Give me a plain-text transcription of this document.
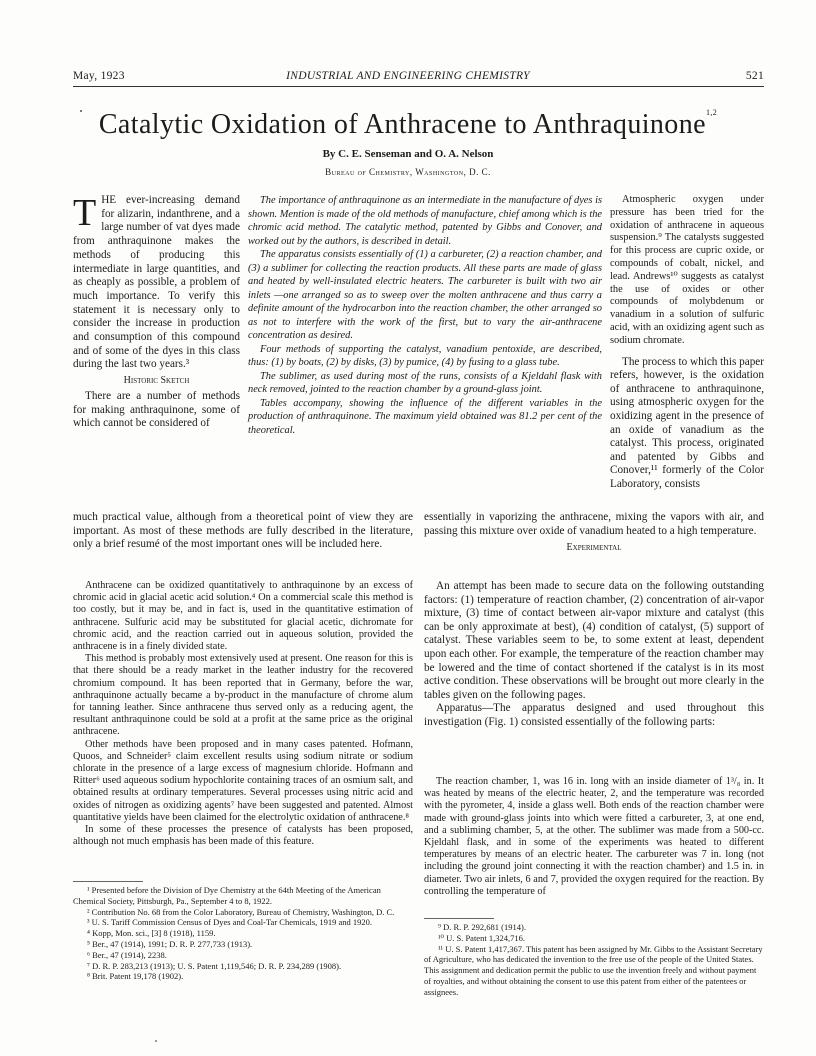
May, 1923	INDUSTRIAL AND ENGINEERING CHEMISTRY	521
Catalytic Oxidation of Anthracene to Anthraquinone$^{1,2}$
By C. E. Senseman and O. A. Nelson
Bureau of Chemistry, Washington, D. C.

THE ever-increasing demand for alizarin, indanthrene, and a large number of vat dyes made from anthraquinone makes the methods of producing this intermediate in large quantities, and as cheaply as possible, a problem of much importance. To verify this statement it is necessary only to consider the increase in production and consumption of this compound and of some of the dyes in this class during the last two years.³

Historic Sketch

There are a number of methods for making anthraquinone, some of which cannot be considered of

The importance of anthraquinone as an intermediate in the manufacture of dyes is shown. Mention is made of the old methods of manufacture, chief among which is the chromic acid method. The catalytic method, patented by Gibbs and Conover, and worked out by the authors, is described in detail.

The apparatus consists essentially of (1) a carbureter, (2) a reaction chamber, and (3) a sublimer for collecting the reaction products. All these parts are made of glass and heated by well-insulated electric heaters. The carbureter is built with two air inlets —one arranged so as to sweep over the molten anthracene and thus carry a definite amount of the hydrocarbon into the reaction chamber, the other arranged so as not to interfere with the work of the first, but to vary the air-anthracene concentration as desired.

Four methods of supporting the catalyst, vanadium pentoxide, are described, thus: (1) by boats, (2) by disks, (3) by pumice, (4) by fusing to a glass tube.

The sublimer, as used during most of the runs, consists of a Kjeldahl flask with neck removed, jointed to the reaction chamber by a ground-glass joint.

Tables accompany, showing the influence of the different variables in the production of anthraquinone. The maximum yield obtained was 81.2 per cent of the theoretical.

Atmospheric oxygen under pressure has been tried for the oxidation of anthracene in aqueous suspension.⁹ The catalysts suggested for this process are cupric oxide, or compounds of cobalt, nickel, and lead. Andrews¹⁰ suggests as catalyst the use of oxides or other compounds of molybdenum or vanadium in a solution of sulfuric acid, with an oxidizing agent such as sodium chromate.

The process to which this paper refers, however, is the oxidation of anthracene to anthraquinone, using atmospheric oxygen for the oxidizing agent in the presence of an oxide of vanadium as the catalyst. This process, originated and patented by Gibbs and Conover,¹¹ formerly of the Color Laboratory, consists

much practical value, although from a theoretical point of view they are important. As most of these methods are fully described in the literature, only a brief resumé of the most important ones will be included here.

essentially in vaporizing the anthracene, mixing the vapors with air, and passing this mixture over oxide of vanadium heated to a high temperature.

Experimental

Anthracene can be oxidized quantitatively to anthraquinone by an excess of chromic acid in glacial acetic acid solution.⁴ On a commercial scale this method is too costly, but it may be, and in fact is, used in the quantitative estimation of anthracene. Sulfuric acid may be substituted for glacial acetic, dichromate for chromic acid, and the reaction carried out in aqueous solution, provided the anthracene is in a finely divided state.

This method is probably most extensively used at present. One reason for this is that there should be a ready market in the leather industry for the recovered chromium compound. It has been reported that in Germany, before the war, anthraquinone actually became a by-product in the manufacture of chrome alum for tanning leather. Since anthracene thus served only as a reducing agent, the resultant anthraquinone could be sold at a profit at the same price as the original anthracene.

Other methods have been proposed and in many cases patented. Hofmann, Quoos, and Schneider⁵ claim excellent results using sodium nitrate or sodium chlorate in the presence of a large excess of magnesium chloride. Hofmann and Ritter⁶ used aqueous sodium hypochlorite containing traces of an osmium salt, and obtained results at ordinary temperatures. Several processes using nitric acid and oxides of nitrogen as oxidizing agents⁷ have been suggested and patented. Almost quantitative yields have been claimed for the electrolytic oxidation of anthracene.⁸

In some of these processes the presence of catalysts has been proposed, although not much emphasis has been made of this feature.

An attempt has been made to secure data on the following outstanding factors: (1) temperature of reaction chamber, (2) concentration of air-vapor mixture, (3) time of contact between air-vapor mixture and catalyst (this can be only approximate at best), (4) condition of catalyst, (5) support of catalyst. These variables seem to be, to some extent at least, dependent upon each other. For example, the temperature of the reaction chamber may be lowered and the time of contact shortened if the catalyst is in its most active condition. These observations will be brought out more clearly in the tables given on the following pages.

Apparatus—The apparatus designed and used throughout this investigation (Fig. 1) consisted essentially of the following parts:

The reaction chamber, 1, was 16 in. long with an inside diameter of 1³/₈ in. It was heated by means of the electric heater, 2, and the temperature was recorded with the pyrometer, 4, inside a glass well. Both ends of the reaction chamber were made with ground-glass joints into which were fitted a carbureter, 3, at one end, and a subliming chamber, 5, at the other. The sublimer was made from a 500-cc. Kjeldahl flask, and in some of the experiments was heated to different temperatures by means of an electric heater. The carbureter was 7 in. long (not including the ground joint connecting it with the reaction chamber) and 1.5 in. in diameter. Two air inlets, 6 and 7, provided the oxygen required for the reaction. By controlling the temperature of

¹ Presented before the Division of Dye Chemistry at the 64th Meeting of the American Chemical Society, Pittsburgh, Pa., September 4 to 8, 1922.
² Contribution No. 68 from the Color Laboratory, Bureau of Chemistry, Washington, D. C.
³ U. S. Tariff Commission Census of Dyes and Coal-Tar Chemicals, 1919 and 1920.
⁴ Kopp, Mon. sci., [3] 8 (1918), 1159.
⁵ Ber., 47 (1914), 1991; D. R. P. 277,733 (1913).
⁶ Ber., 47 (1914), 2238.
⁷ D. R. P. 283,213 (1913); U. S. Patent 1,119,546; D. R. P. 234,289 (1908).
⁸ Brit. Patent 19,178 (1902).
⁹ D. R. P. 292,681 (1914).
¹⁰ U. S. Patent 1,324,716.
¹¹ U. S. Patent 1,417,367. This patent has been assigned by Mr. Gibbs to the Assistant Secretary of Agriculture, who has dedicated the invention to the free use of the people of the United States. This assignment and dedication permit the public to use the invention freely and without payment of royalties, and without obtaining the consent to use this patent from either of the patentees or assignees.
